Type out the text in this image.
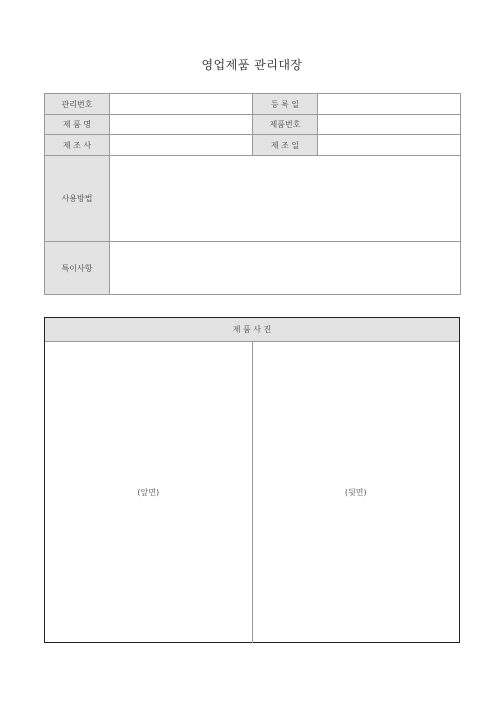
영업제품 관리대장
관리번호		등 록 일	
제 품 명		제품번호	
제 조 사		제 조 일	
사용방법			
특이사항			
제 품 사 진
(앞면)	(뒷면)
